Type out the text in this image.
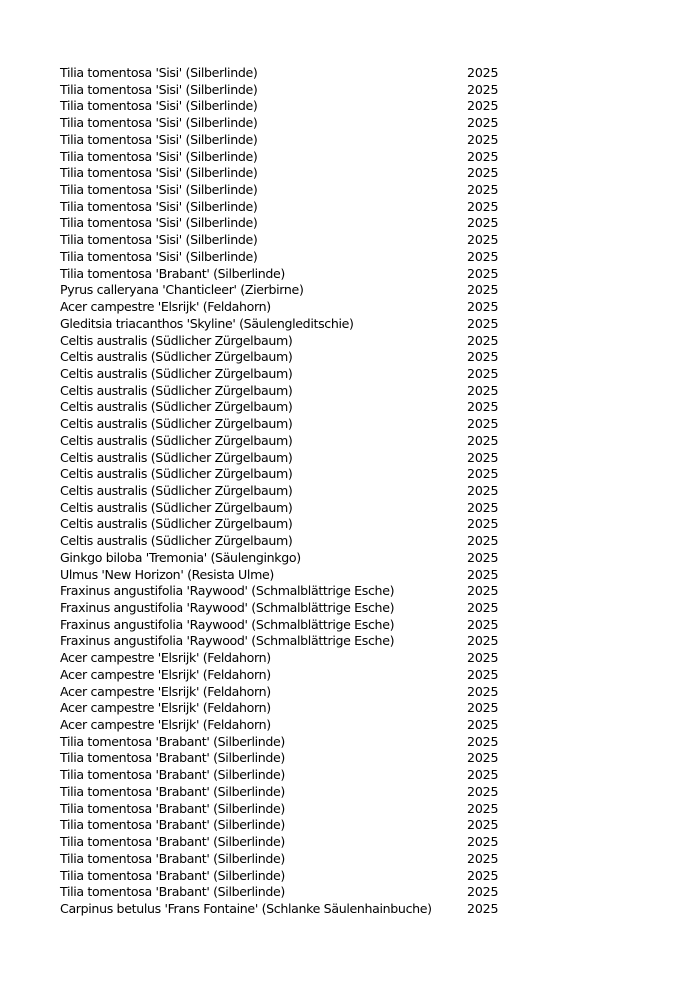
Tilia tomentosa 'Sisi' (Silberlinde)	2025
Tilia tomentosa 'Sisi' (Silberlinde)	2025
Tilia tomentosa 'Sisi' (Silberlinde)	2025
Tilia tomentosa 'Sisi' (Silberlinde)	2025
Tilia tomentosa 'Sisi' (Silberlinde)	2025
Tilia tomentosa 'Sisi' (Silberlinde)	2025
Tilia tomentosa 'Sisi' (Silberlinde)	2025
Tilia tomentosa 'Sisi' (Silberlinde)	2025
Tilia tomentosa 'Sisi' (Silberlinde)	2025
Tilia tomentosa 'Sisi' (Silberlinde)	2025
Tilia tomentosa 'Sisi' (Silberlinde)	2025
Tilia tomentosa 'Sisi' (Silberlinde)	2025
Tilia tomentosa 'Brabant' (Silberlinde)	2025
Pyrus calleryana 'Chanticleer' (Zierbirne)	2025
Acer campestre 'Elsrijk' (Feldahorn)	2025
Gleditsia triacanthos 'Skyline' (Säulengleditschie)	2025
Celtis australis (Südlicher Zürgelbaum)	2025
Celtis australis (Südlicher Zürgelbaum)	2025
Celtis australis (Südlicher Zürgelbaum)	2025
Celtis australis (Südlicher Zürgelbaum)	2025
Celtis australis (Südlicher Zürgelbaum)	2025
Celtis australis (Südlicher Zürgelbaum)	2025
Celtis australis (Südlicher Zürgelbaum)	2025
Celtis australis (Südlicher Zürgelbaum)	2025
Celtis australis (Südlicher Zürgelbaum)	2025
Celtis australis (Südlicher Zürgelbaum)	2025
Celtis australis (Südlicher Zürgelbaum)	2025
Celtis australis (Südlicher Zürgelbaum)	2025
Celtis australis (Südlicher Zürgelbaum)	2025
Ginkgo biloba 'Tremonia' (Säulenginkgo)	2025
Ulmus 'New Horizon' (Resista Ulme)	2025
Fraxinus angustifolia 'Raywood' (Schmalblättrige Esche)	2025
Fraxinus angustifolia 'Raywood' (Schmalblättrige Esche)	2025
Fraxinus angustifolia 'Raywood' (Schmalblättrige Esche)	2025
Fraxinus angustifolia 'Raywood' (Schmalblättrige Esche)	2025
Acer campestre 'Elsrijk' (Feldahorn)	2025
Acer campestre 'Elsrijk' (Feldahorn)	2025
Acer campestre 'Elsrijk' (Feldahorn)	2025
Acer campestre 'Elsrijk' (Feldahorn)	2025
Acer campestre 'Elsrijk' (Feldahorn)	2025
Tilia tomentosa 'Brabant' (Silberlinde)	2025
Tilia tomentosa 'Brabant' (Silberlinde)	2025
Tilia tomentosa 'Brabant' (Silberlinde)	2025
Tilia tomentosa 'Brabant' (Silberlinde)	2025
Tilia tomentosa 'Brabant' (Silberlinde)	2025
Tilia tomentosa 'Brabant' (Silberlinde)	2025
Tilia tomentosa 'Brabant' (Silberlinde)	2025
Tilia tomentosa 'Brabant' (Silberlinde)	2025
Tilia tomentosa 'Brabant' (Silberlinde)	2025
Tilia tomentosa 'Brabant' (Silberlinde)	2025
Carpinus betulus 'Frans Fontaine' (Schlanke Säulenhainbuche)	2025
